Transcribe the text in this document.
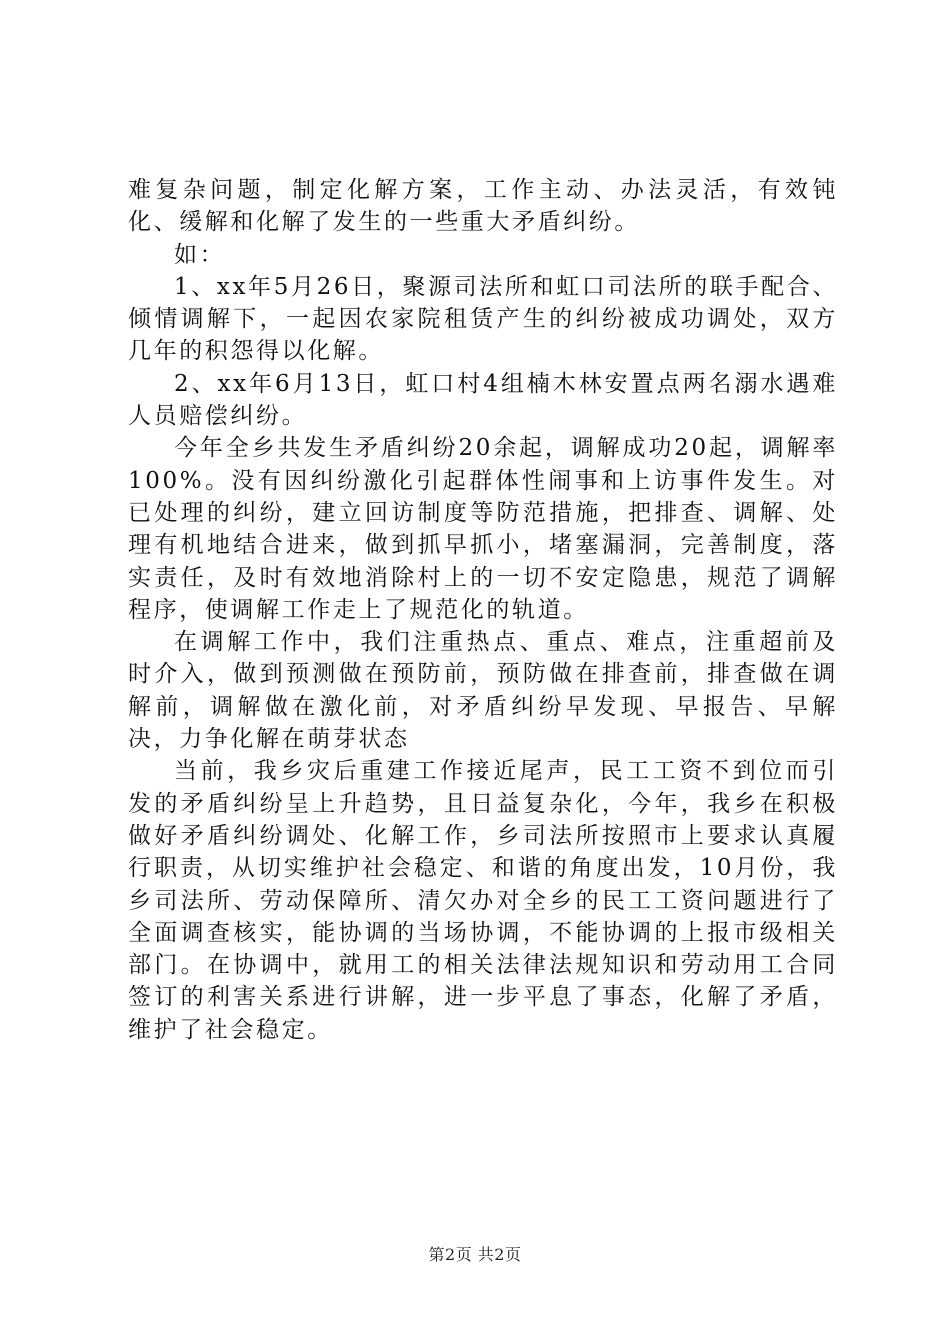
难复杂问题，制定化解方案，工作主动、办法灵活，有效钝化、缓解和化解了发生的一些重大矛盾纠纷。

如：

1、xx年5月26日，聚源司法所和虹口司法所的联手配合、倾情调解下，一起因农家院租赁产生的纠纷被成功调处，双方几年的积怨得以化解。

2、xx年6月13日，虹口村4组楠木林安置点两名溺水遇难人员赔偿纠纷。

今年全乡共发生矛盾纠纷20余起，调解成功20起，调解率100%。没有因纠纷激化引起群体性闹事和上访事件发生。对已处理的纠纷，建立回访制度等防范措施，把排查、调解、处理有机地结合进来，做到抓早抓小，堵塞漏洞，完善制度，落实责任，及时有效地消除村上的一切不安定隐患，规范了调解程序，使调解工作走上了规范化的轨道。

在调解工作中，我们注重热点、重点、难点，注重超前及时介入，做到预测做在预防前，预防做在排查前，排查做在调解前，调解做在激化前，对矛盾纠纷早发现、早报告、早解决，力争化解在萌芽状态

当前，我乡灾后重建工作接近尾声，民工工资不到位而引发的矛盾纠纷呈上升趋势，且日益复杂化，今年，我乡在积极做好矛盾纠纷调处、化解工作，乡司法所按照市上要求认真履行职责，从切实维护社会稳定、和谐的角度出发，10月份，我乡司法所、劳动保障所、清欠办对全乡的民工工资问题进行了全面调查核实，能协调的当场协调，不能协调的上报市级相关部门。在协调中，就用工的相关法律法规知识和劳动用工合同签订的利害关系进行讲解，进一步平息了事态，化解了矛盾，维护了社会稳定。

第2页 共2页
